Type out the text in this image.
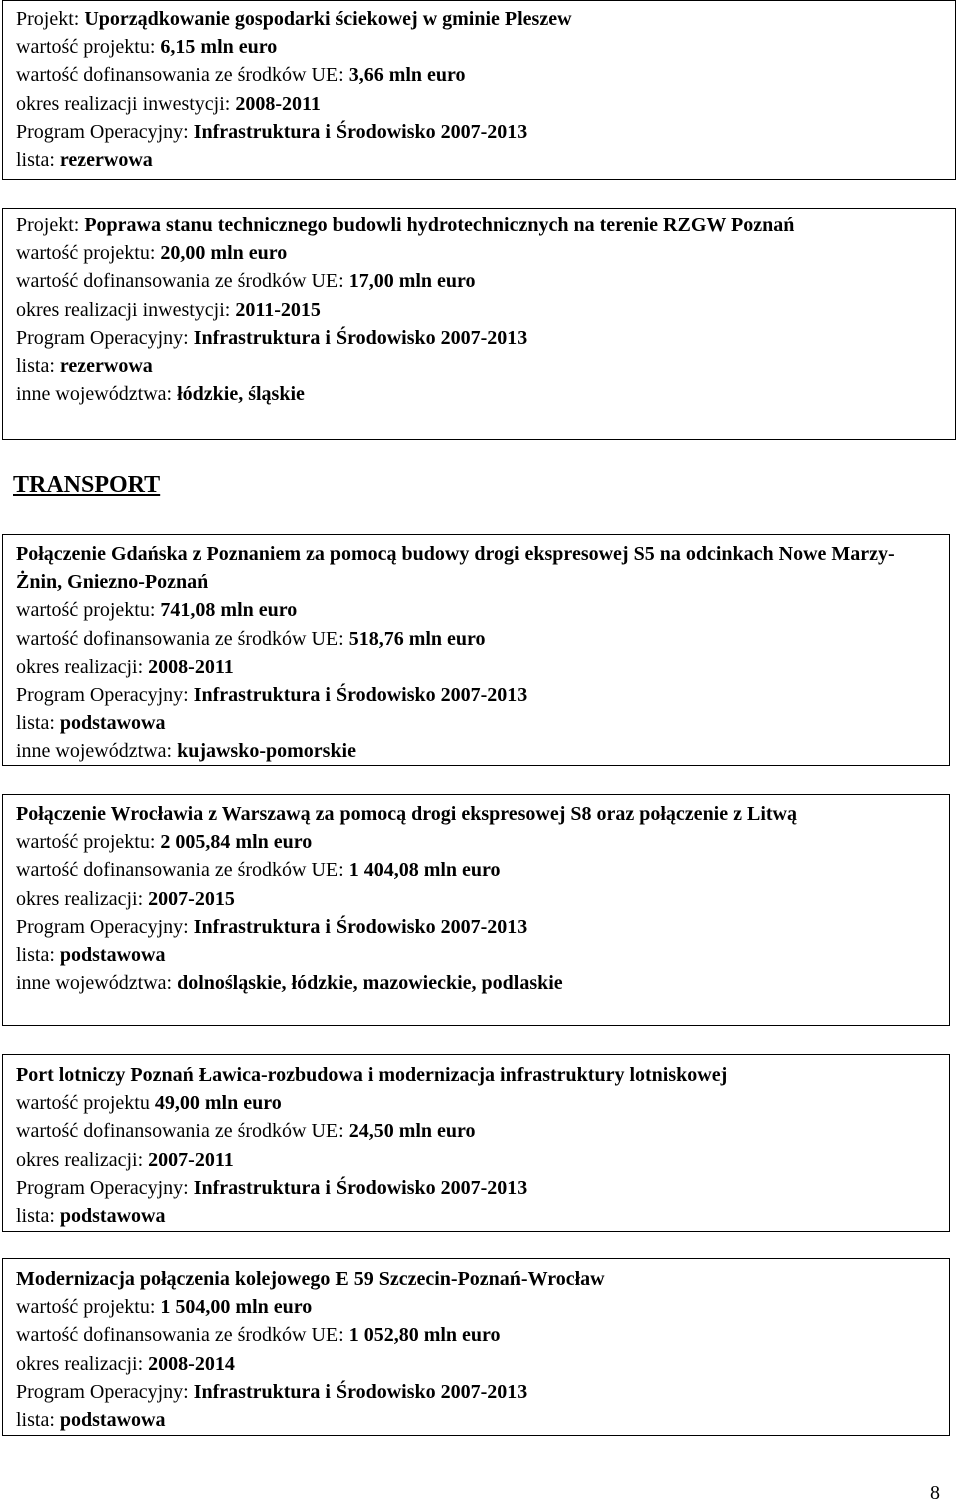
Projekt: Uporządkowanie gospodarki ściekowej w gminie Pleszew
wartość projektu: 6,15 mln euro
wartość dofinansowania ze środków UE: 3,66 mln euro
okres realizacji inwestycji: 2008-2011
Program Operacyjny: Infrastruktura i Środowisko 2007-2013
lista: rezerwowa
Projekt: Poprawa stanu technicznego budowli hydrotechnicznych na terenie RZGW Poznań
wartość projektu: 20,00 mln euro
wartość dofinansowania ze środków UE: 17,00 mln euro
okres realizacji inwestycji: 2011-2015
Program Operacyjny: Infrastruktura i Środowisko 2007-2013
lista: rezerwowa
inne województwa: łódzkie, śląskie
TRANSPORT
Połączenie Gdańska z Poznaniem za pomocą budowy drogi ekspresowej S5 na odcinkach Nowe Marzy-Żnin, Gniezno-Poznań
wartość projektu: 741,08 mln euro
wartość dofinansowania ze środków UE: 518,76 mln euro
okres realizacji: 2008-2011
Program Operacyjny: Infrastruktura i Środowisko 2007-2013
lista: podstawowa
inne województwa: kujawsko-pomorskie
Połączenie Wrocławia z Warszawą za pomocą drogi ekspresowej S8 oraz połączenie z Litwą
wartość projektu: 2 005,84 mln euro
wartość dofinansowania ze środków UE: 1 404,08 mln euro
okres realizacji: 2007-2015
Program Operacyjny: Infrastruktura i Środowisko 2007-2013
lista: podstawowa
inne województwa: dolnośląskie, łódzkie, mazowieckie, podlaskie
Port lotniczy Poznań Ławica-rozbudowa i modernizacja infrastruktury lotniskowej
wartość projektu 49,00 mln euro
wartość dofinansowania ze środków UE: 24,50 mln euro
okres realizacji: 2007-2011
Program Operacyjny: Infrastruktura i Środowisko 2007-2013
lista: podstawowa
Modernizacja połączenia kolejowego E 59 Szczecin-Poznań-Wrocław
wartość projektu: 1 504,00 mln euro
wartość dofinansowania ze środków UE: 1 052,80 mln euro
okres realizacji: 2008-2014
Program Operacyjny: Infrastruktura i Środowisko 2007-2013
lista: podstawowa
8
